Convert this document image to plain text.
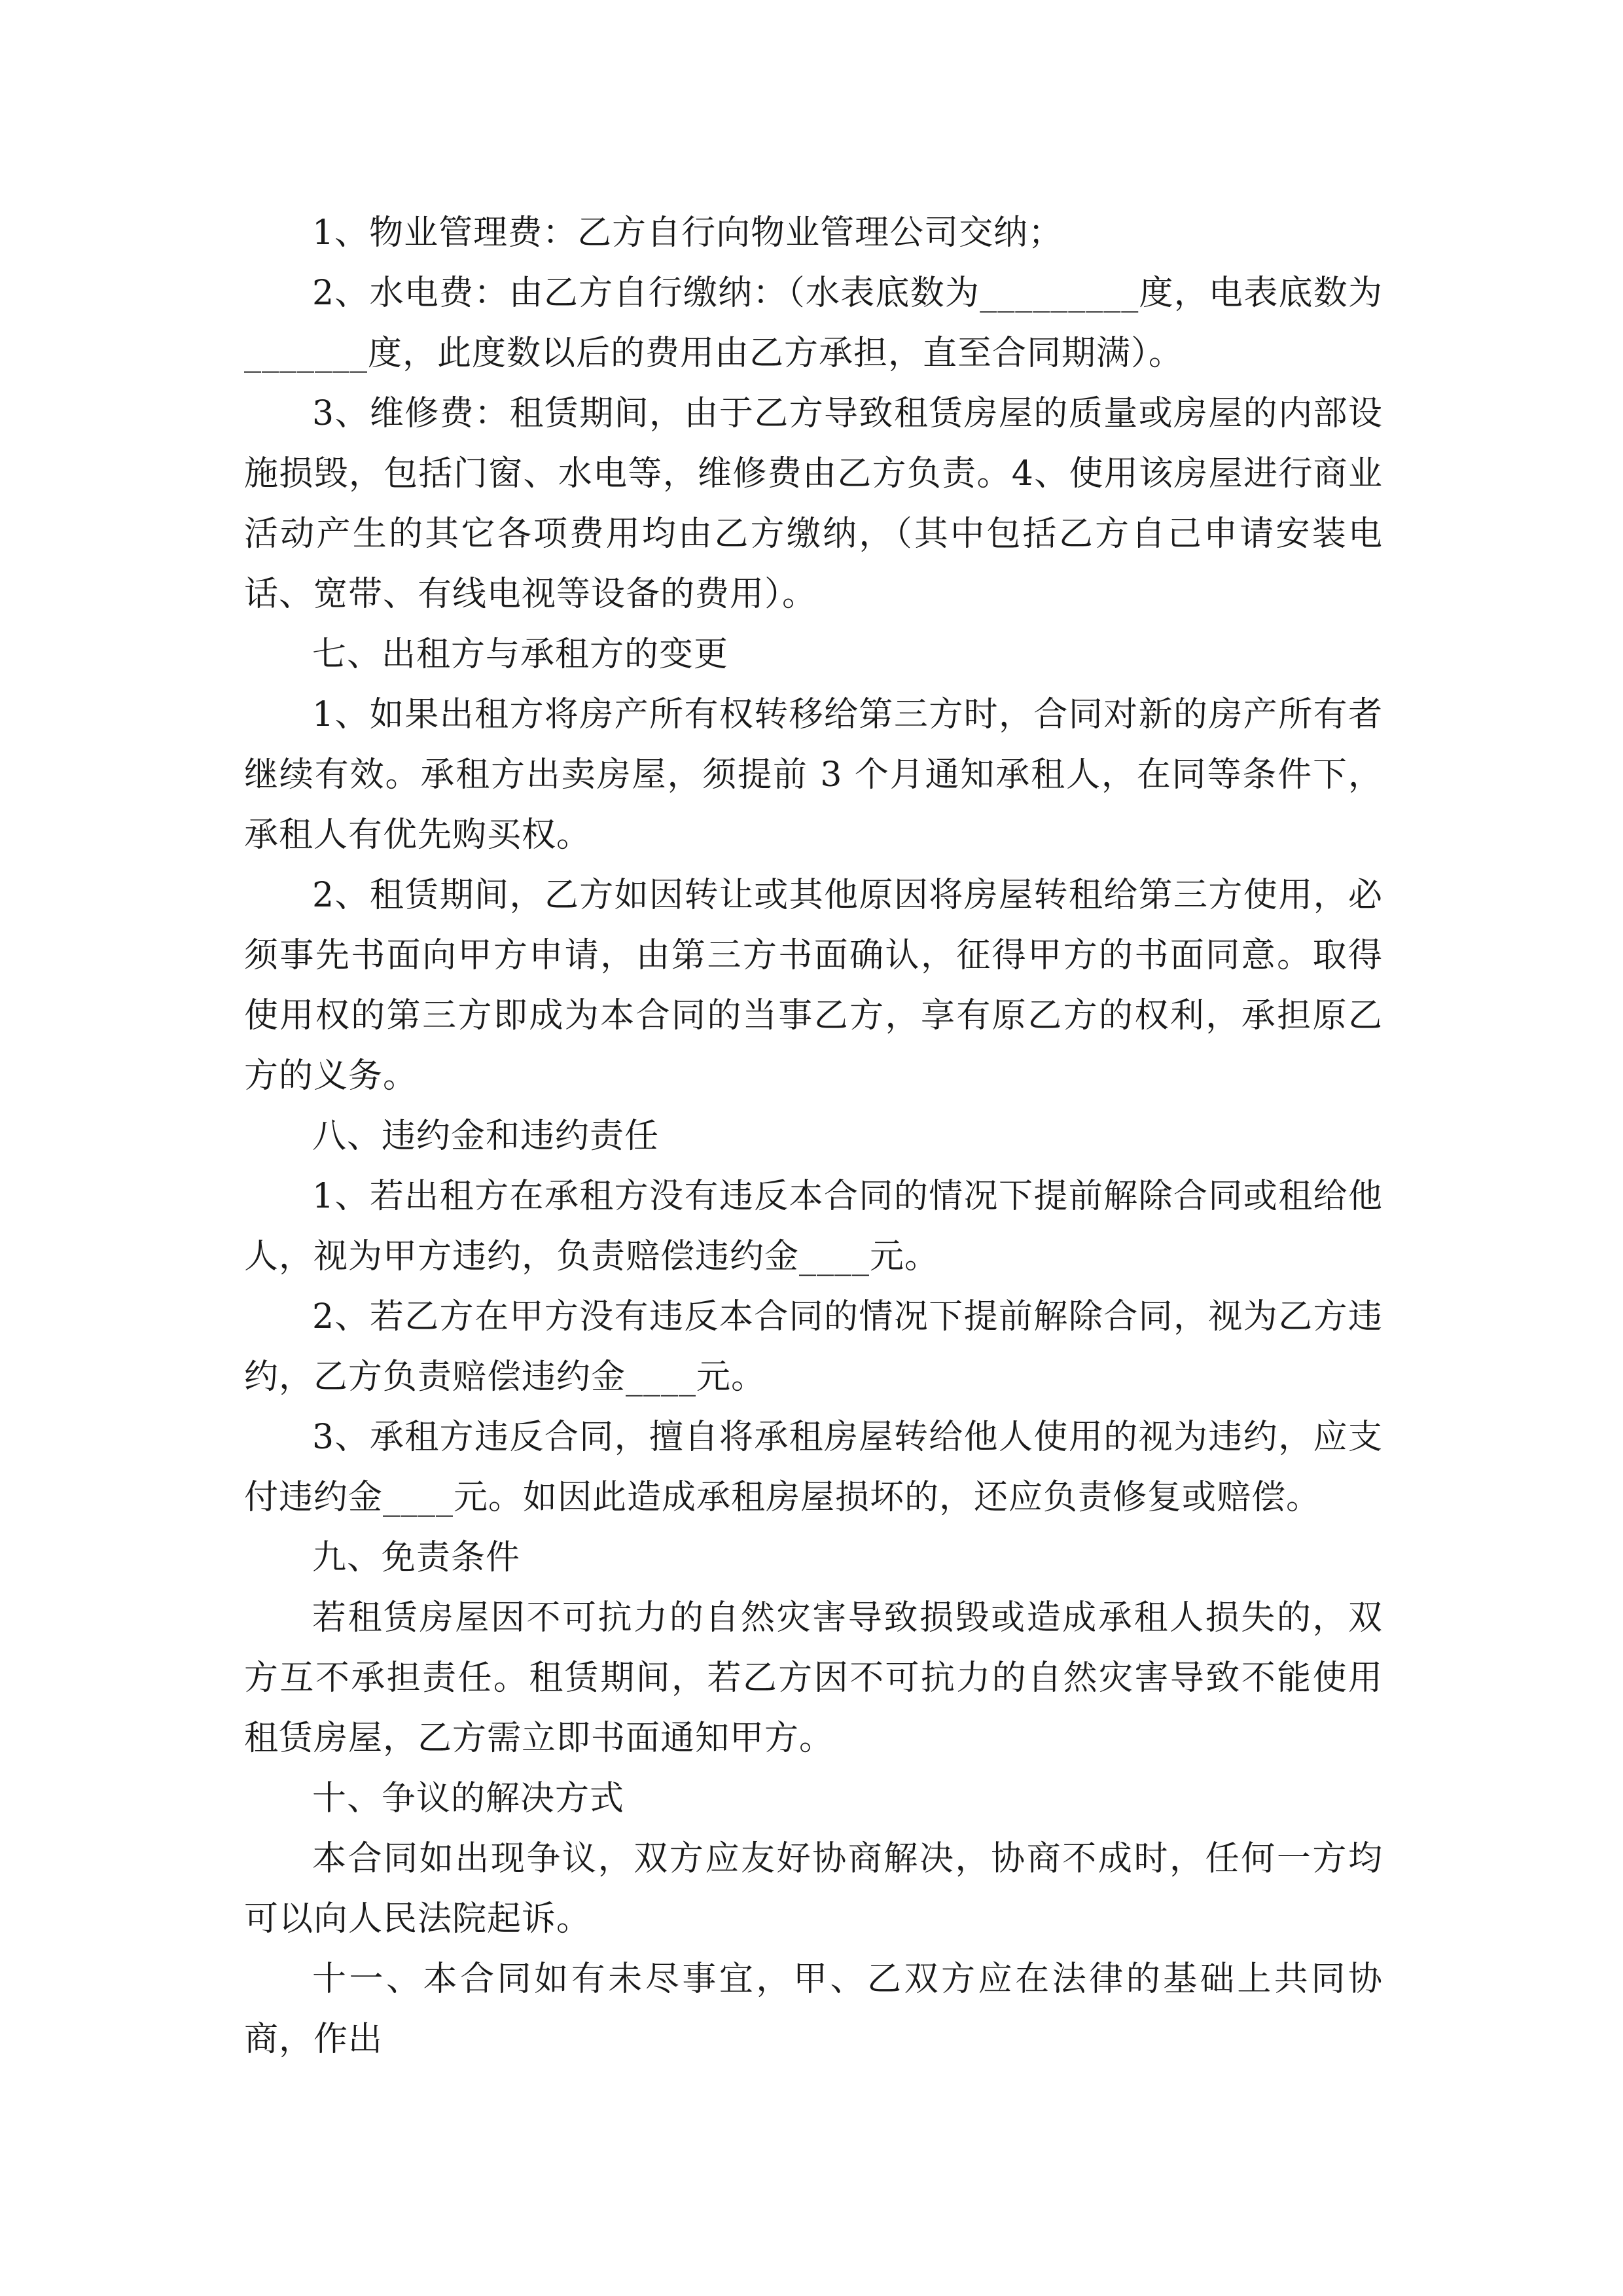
1、物业管理费：乙方自行向物业管理公司交纳；

2、水电费：由乙方自行缴纳：（水表底数为_________度，电表底数为_______度，此度数以后的费用由乙方承担，直至合同期满）。

3、维修费：租赁期间，由于乙方导致租赁房屋的质量或房屋的内部设施损毁，包括门窗、水电等，维修费由乙方负责。4、使用该房屋进行商业活动产生的其它各项费用均由乙方缴纳，（其中包括乙方自己申请安装电话、宽带、有线电视等设备的费用）。

七、出租方与承租方的变更

1、如果出租方将房产所有权转移给第三方时，合同对新的房产所有者继续有效。承租方出卖房屋，须提前 3 个月通知承租人，在同等条件下，承租人有优先购买权。

2、租赁期间，乙方如因转让或其他原因将房屋转租给第三方使用，必须事先书面向甲方申请，由第三方书面确认，征得甲方的书面同意。取得使用权的第三方即成为本合同的当事乙方，享有原乙方的权利，承担原乙方的义务。

八、违约金和违约责任

1、若出租方在承租方没有违反本合同的情况下提前解除合同或租给他人，视为甲方违约，负责赔偿违约金____元。

2、若乙方在甲方没有违反本合同的情况下提前解除合同，视为乙方违约，乙方负责赔偿违约金____元。

3、承租方违反合同，擅自将承租房屋转给他人使用的视为违约，应支付违约金____元。如因此造成承租房屋损坏的，还应负责修复或赔偿。

九、免责条件

若租赁房屋因不可抗力的自然灾害导致损毁或造成承租人损失的，双方互不承担责任。租赁期间，若乙方因不可抗力的自然灾害导致不能使用租赁房屋，乙方需立即书面通知甲方。

十、争议的解决方式

本合同如出现争议，双方应友好协商解决，协商不成时，任何一方均可以向人民法院起诉。

十一、本合同如有未尽事宜，甲、乙双方应在法律的基础上共同协商，作出
